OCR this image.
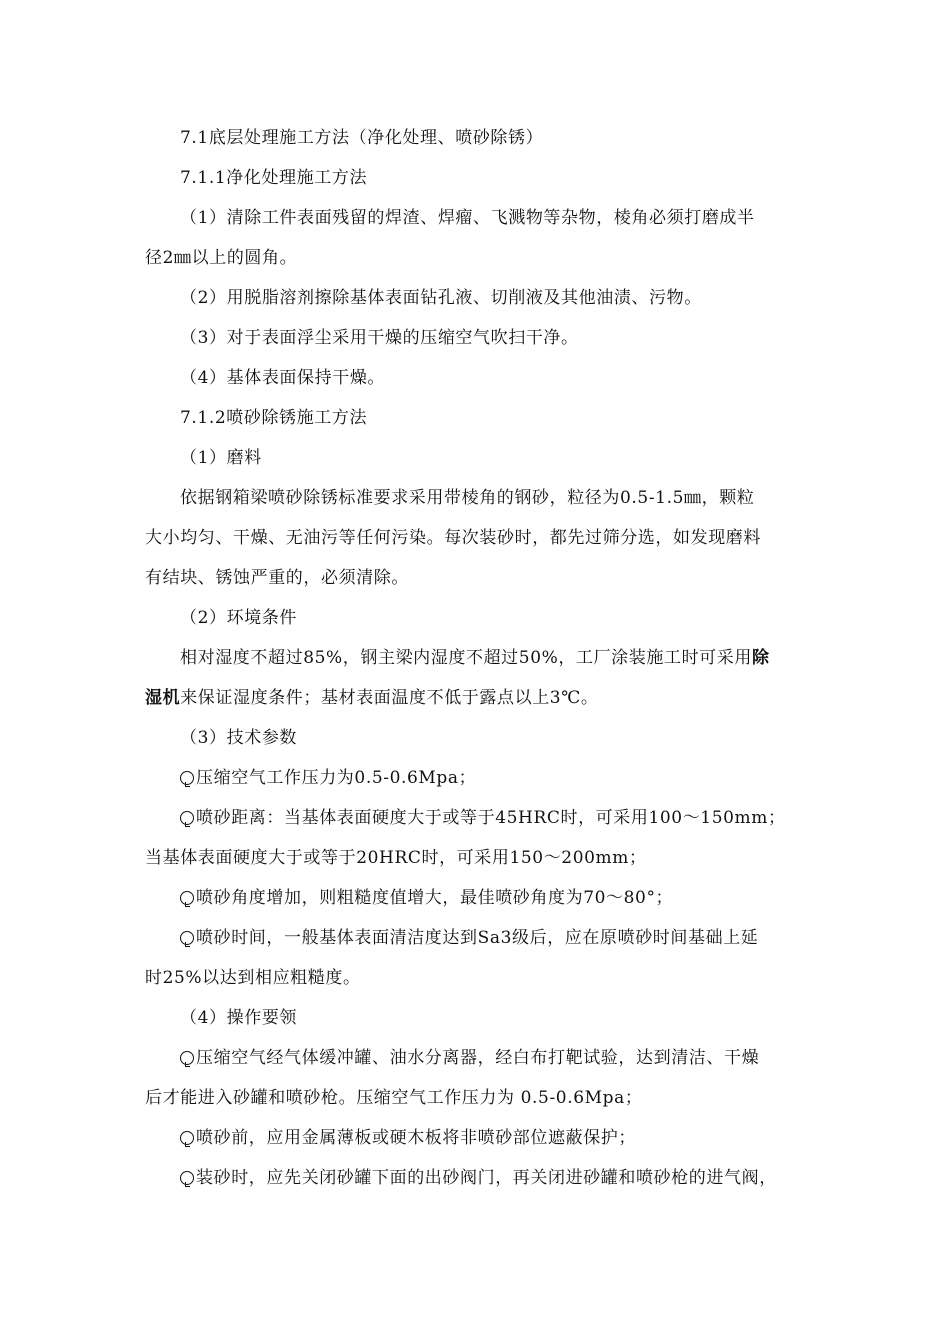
7.1底层处理施工方法（净化处理、喷砂除锈）
7.1.1净化处理施工方法
（1）清除工件表面残留的焊渣、焊瘤、飞溅物等杂物，棱角必须打磨成半
径2㎜以上的圆角。
（2）用脱脂溶剂擦除基体表面钻孔液、切削液及其他油渍、污物。
（3）对于表面浮尘采用干燥的压缩空气吹扫干净。
（4）基体表面保持干燥。
7.1.2喷砂除锈施工方法
（1）磨料
依据钢箱梁喷砂除锈标准要求采用带棱角的钢砂，粒径为0.5-1.5㎜，颗粒
大小均匀、干燥、无油污等任何污染。每次装砂时，都先过筛分选，如发现磨料
有结块、锈蚀严重的，必须清除。
（2）环境条件
相对湿度不超过85%，钢主梁内湿度不超过50%，工厂涂装施工时可采用除
湿机来保证湿度条件；基材表面温度不低于露点以上3℃。
（3）技术参数
压缩空气工作压力为0.5-0.6Mpa；
喷砂距离：当基体表面硬度大于或等于45HRC时，可采用100～150mm；
当基体表面硬度大于或等于20HRC时，可采用150～200mm；
喷砂角度增加，则粗糙度值增大，最佳喷砂角度为70～80°；
喷砂时间，一般基体表面清洁度达到Sa3级后，应在原喷砂时间基础上延
时25%以达到相应粗糙度。
（4）操作要领
压缩空气经气体缓冲罐、油水分离器，经白布打靶试验，达到清洁、干燥
后才能进入砂罐和喷砂枪。压缩空气工作压力为 0.5-0.6Mpa；
喷砂前，应用金属薄板或硬木板将非喷砂部位遮蔽保护；
装砂时，应先关闭砂罐下面的出砂阀门，再关闭进砂罐和喷砂枪的进气阀，
